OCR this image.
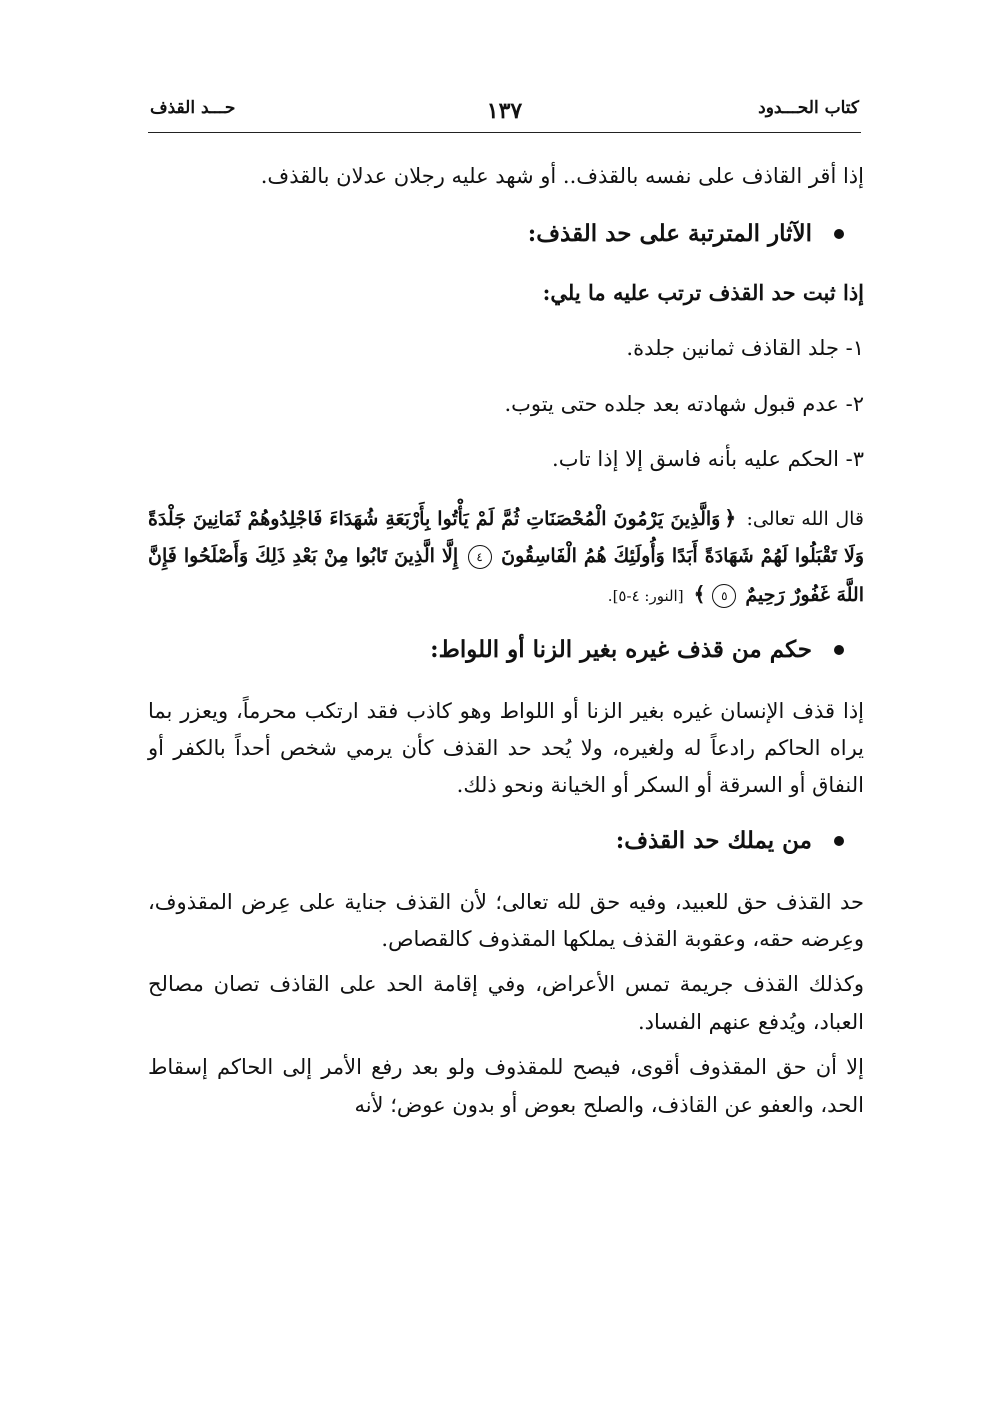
كتاب الحـــدود
١٣٧
حـــد القذف

إذا أقر القاذف على نفسه بالقذف.. أو شهد عليه رجلان عدلان بالقذف.

الآثار المترتبة على حد القذف:

إذا ثبت حد القذف ترتب عليه ما يلي:

١- جلد القاذف ثمانين جلدة.

٢- عدم قبول شهادته بعد جلده حتى يتوب.

٣- الحكم عليه بأنه فاسق إلا إذا تاب.

قال الله تعالى: ﴿وَالَّذِينَ يَرْمُونَ الْمُحْصَنَاتِ ثُمَّ لَمْ يَأْتُوا بِأَرْبَعَةِ شُهَدَاءَ فَاجْلِدُوهُمْ ثَمَانِينَ جَلْدَةً وَلَا تَقْبَلُوا لَهُمْ شَهَادَةً أَبَدًا وَأُولَئِكَ هُمُ الْفَاسِقُونَ ٤ إِلَّا الَّذِينَ تَابُوا مِنْ بَعْدِ ذَلِكَ وَأَصْلَحُوا فَإِنَّ اللَّهَ غَفُورٌ رَحِيمٌ ٥﴾ [النور: ٤-٥].

حكم من قذف غيره بغير الزنا أو اللواط:

إذا قذف الإنسان غيره بغير الزنا أو اللواط وهو كاذب فقد ارتكب محرماً، ويعزر بما يراه الحاكم رادعاً له ولغيره، ولا يُحد حد القذف كأن يرمي شخص أحداً بالكفر أو النفاق أو السرقة أو السكر أو الخيانة ونحو ذلك.

من يملك حد القذف:

حد القذف حق للعبيد، وفيه حق لله تعالى؛ لأن القذف جناية على عِرض المقذوف، وعِرضه حقه، وعقوبة القذف يملكها المقذوف كالقصاص.

وكذلك القذف جريمة تمس الأعراض، وفي إقامة الحد على القاذف تصان مصالح العباد، ويُدفع عنهم الفساد.

إلا أن حق المقذوف أقوى، فيصح للمقذوف ولو بعد رفع الأمر إلى الحاكم إسقاط الحد، والعفو عن القاذف، والصلح بعوض أو بدون عوض؛ لأنه
